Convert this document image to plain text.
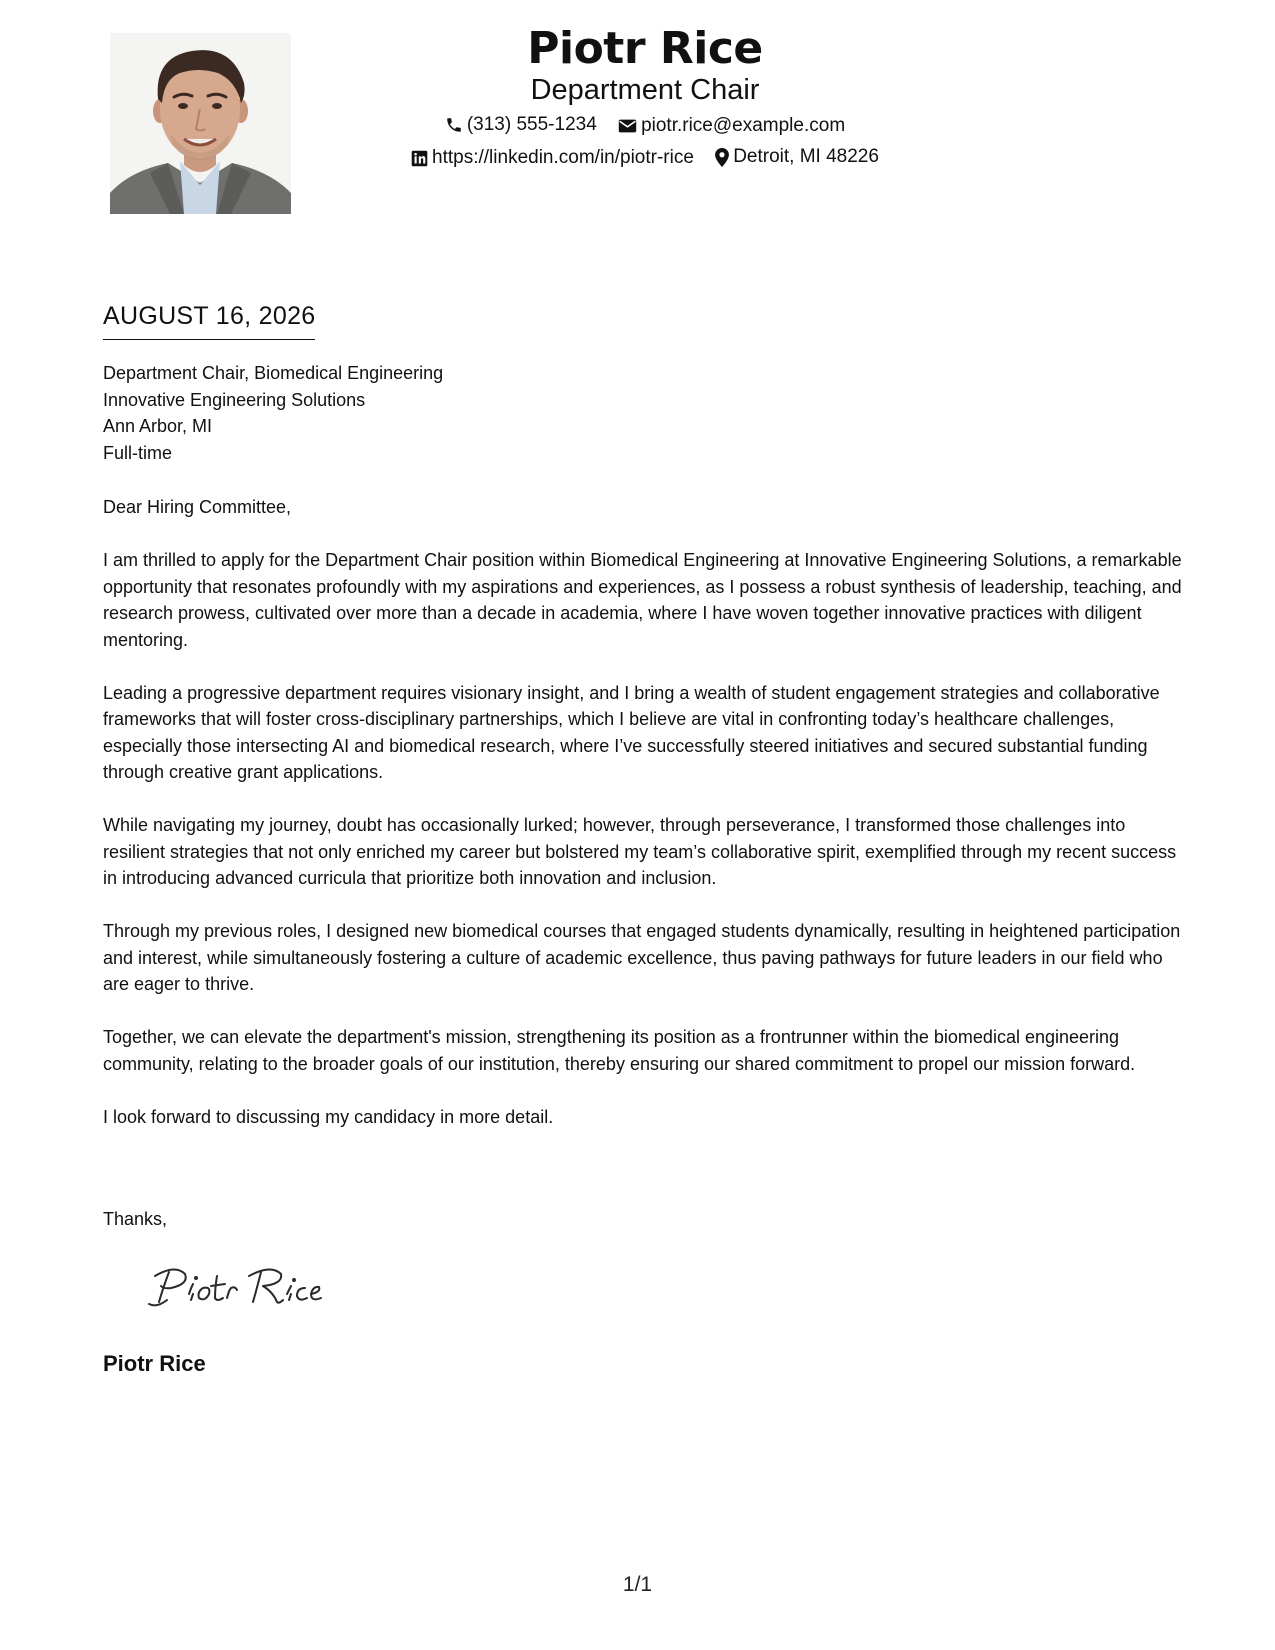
Piotr Rice
Department Chair
(313) 555-1234
piotr.rice@example.com
https://linkedin.com/in/piotr-rice
Detroit, MI 48226
AUGUST 16, 2026
Department Chair, Biomedical Engineering
Innovative Engineering Solutions
Ann Arbor, MI
Full-time

Dear Hiring Committee,

I am thrilled to apply for the Department Chair position within Biomedical Engineering at Innovative Engineering Solutions, a remarkable opportunity that resonates profoundly with my aspirations and experiences, as I possess a robust synthesis of leadership, teaching, and research prowess, cultivated over more than a decade in academia, where I have woven together innovative practices with diligent mentoring.

Leading a progressive department requires visionary insight, and I bring a wealth of student engagement strategies and collaborative frameworks that will foster cross-disciplinary partnerships, which I believe are vital in confronting today’s healthcare challenges, especially those intersecting AI and biomedical research, where I’ve successfully steered initiatives and secured substantial funding through creative grant applications.

While navigating my journey, doubt has occasionally lurked; however, through perseverance, I transformed those challenges into resilient strategies that not only enriched my career but bolstered my team’s collaborative spirit, exemplified through my recent success in introducing advanced curricula that prioritize both innovation and inclusion.

Through my previous roles, I designed new biomedical courses that engaged students dynamically, resulting in heightened participation and interest, while simultaneously fostering a culture of academic excellence, thus paving pathways for future leaders in our field who are eager to thrive.

Together, we can elevate the department's mission, strengthening its position as a frontrunner within the biomedical engineering community, relating to the broader goals of our institution, thereby ensuring our shared commitment to propel our mission forward.

I look forward to discussing my candidacy in more detail.

Thanks,
Piotr Rice
1/1
